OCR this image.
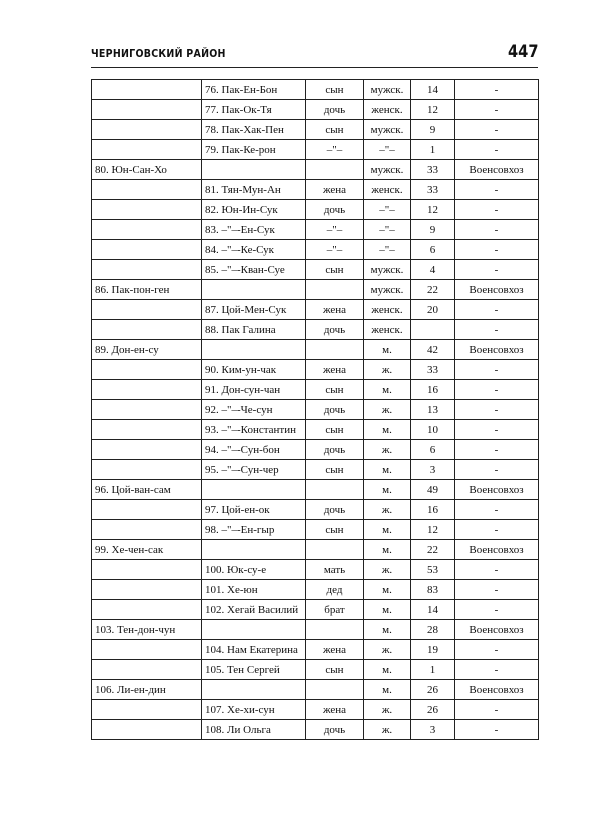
ЧЕРНИГОВСКИЙ РАЙОН	447
	76. Пак-Ен-Бон	сын	мужск.	14	-
	77. Пак-Ок-Тя	дочь	женск.	12	-
	78. Пак-Хак-Пен	сын	мужск.	9	-
	79. Пак-Ке-рон	–"–	–"–	1	-
80. Юн-Сан-Хо			мужск.	33	Военсовхоз
	81. Тян-Мун-Ан	жена	женск.	33	-
	82. Юн-Ин-Сук	дочь	–"–	12	-
	83. –"–-Ен-Сук	–"–	–"–	9	-
	84. –"–-Ке-Сук	–"–	–"–	6	-
	85. –"–-Кван-Суе	сын	мужск.	4	-
86. Пак-пон-ген			мужск.	22	Военсовхоз
	87. Цой-Мен-Сук	жена	женск.	20	-
	88. Пак Галина	дочь	женск.		-
89. Дон-ен-су			м.	42	Военсовхоз
	90. Ким-ун-чак	жена	ж.	33	-
	91. Дон-сун-чан	сын	м.	16	-
	92. –"–-Че-сун	дочь	ж.	13	-
	93. –"–-Константин	сын	м.	10	-
	94. –"–-Сун-бон	дочь	ж.	6	-
	95. –"–-Сун-чер	сын	м.	3	-
96. Цой-ван-сам			м.	49	Военсовхоз
	97. Цой-ен-ок	дочь	ж.	16	-
	98. –"–-Ен-гыр	сын	м.	12	-
99. Хе-чен-сак			м.	22	Военсовхоз
	100. Юк-су-е	мать	ж.	53	-
	101. Хе-юн	дед	м.	83	-
	102. Хегай Василий	брат	м.	14	-
103. Тен-дон-чун			м.	28	Военсовхоз
	104. Нам Екатерина	жена	ж.	19	-
	105. Тен Сергей	сын	м.	1	-
106. Ли-ен-дин			м.	26	Военсовхоз
	107. Хе-хи-сун	жена	ж.	26	-
	108. Ли Ольга	дочь	ж.	3	-
